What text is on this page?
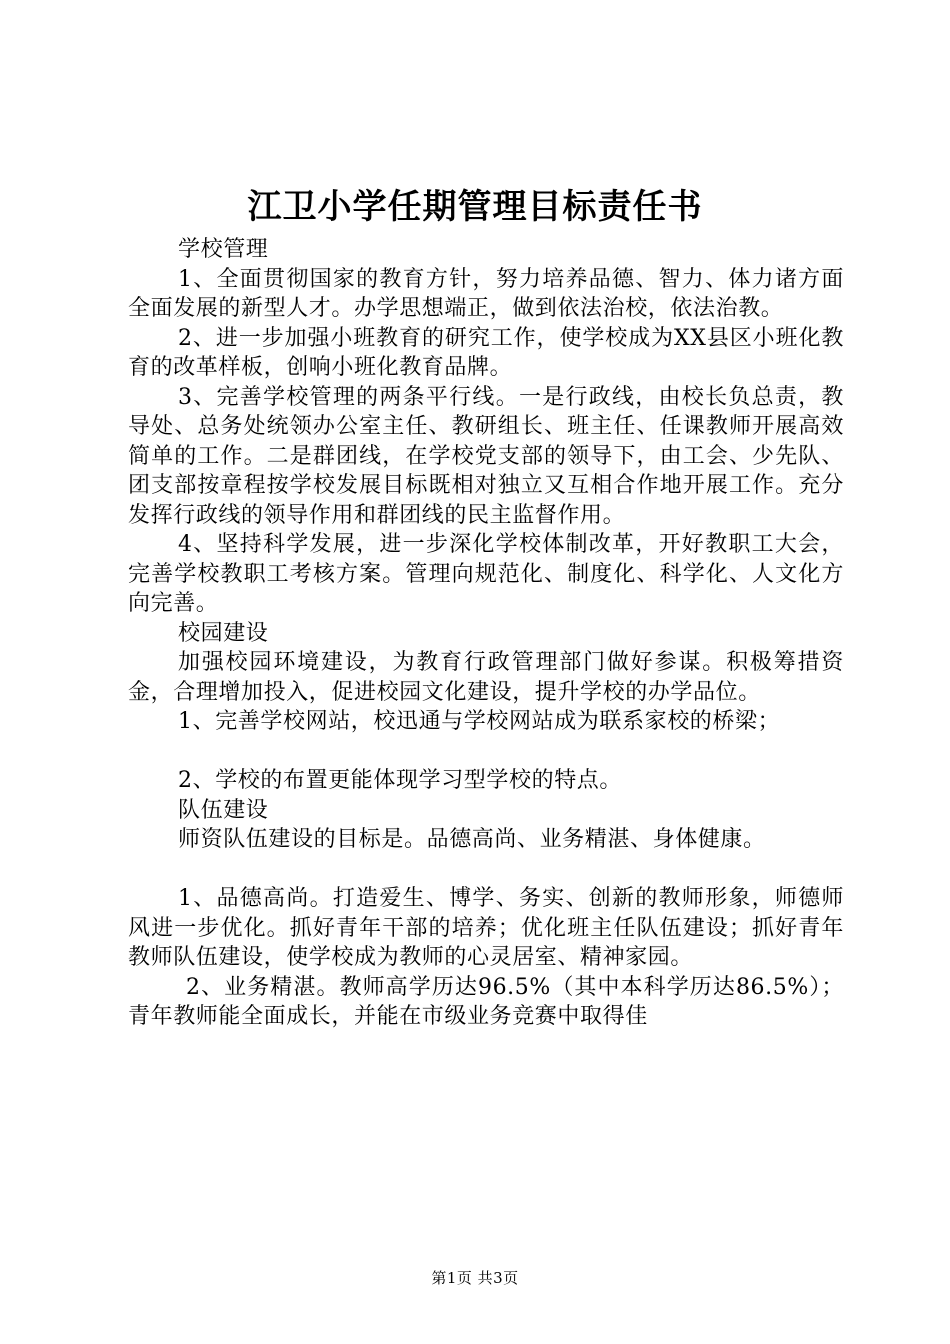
江卫小学任期管理目标责任书

学校管理

1、全面贯彻国家的教育方针，努力培养品德、智力、体力诸方面全面发展的新型人才。办学思想端正，做到依法治校，依法治教。

2、进一步加强小班教育的研究工作，使学校成为XX县区小班化教育的改革样板，创响小班化教育品牌。

3、完善学校管理的两条平行线。一是行政线，由校长负总责，教导处、总务处统领办公室主任、教研组长、班主任、任课教师开展高效简单的工作。二是群团线，在学校党支部的领导下，由工会、少先队、团支部按章程按学校发展目标既相对独立又互相合作地开展工作。充分发挥行政线的领导作用和群团线的民主监督作用。

4、坚持科学发展，进一步深化学校体制改革，开好教职工大会，完善学校教职工考核方案。管理向规范化、制度化、科学化、人文化方向完善。

校园建设

加强校园环境建设，为教育行政管理部门做好参谋。积极筹措资金，合理增加投入，促进校园文化建设，提升学校的办学品位。

1、完善学校网站，校迅通与学校网站成为联系家校的桥梁；

2、学校的布置更能体现学习型学校的特点。

队伍建设

师资队伍建设的目标是。品德高尚、业务精湛、身体健康。

1、品德高尚。打造爱生、博学、务实、创新的教师形象，师德师风进一步优化。抓好青年干部的培养；优化班主任队伍建设；抓好青年教师队伍建设，使学校成为教师的心灵居室、精神家园。

2、业务精湛。教师高学历达96.5%（其中本科学历达86.5%）；青年教师能全面成长，并能在市级业务竞赛中取得佳

第1页 共3页
